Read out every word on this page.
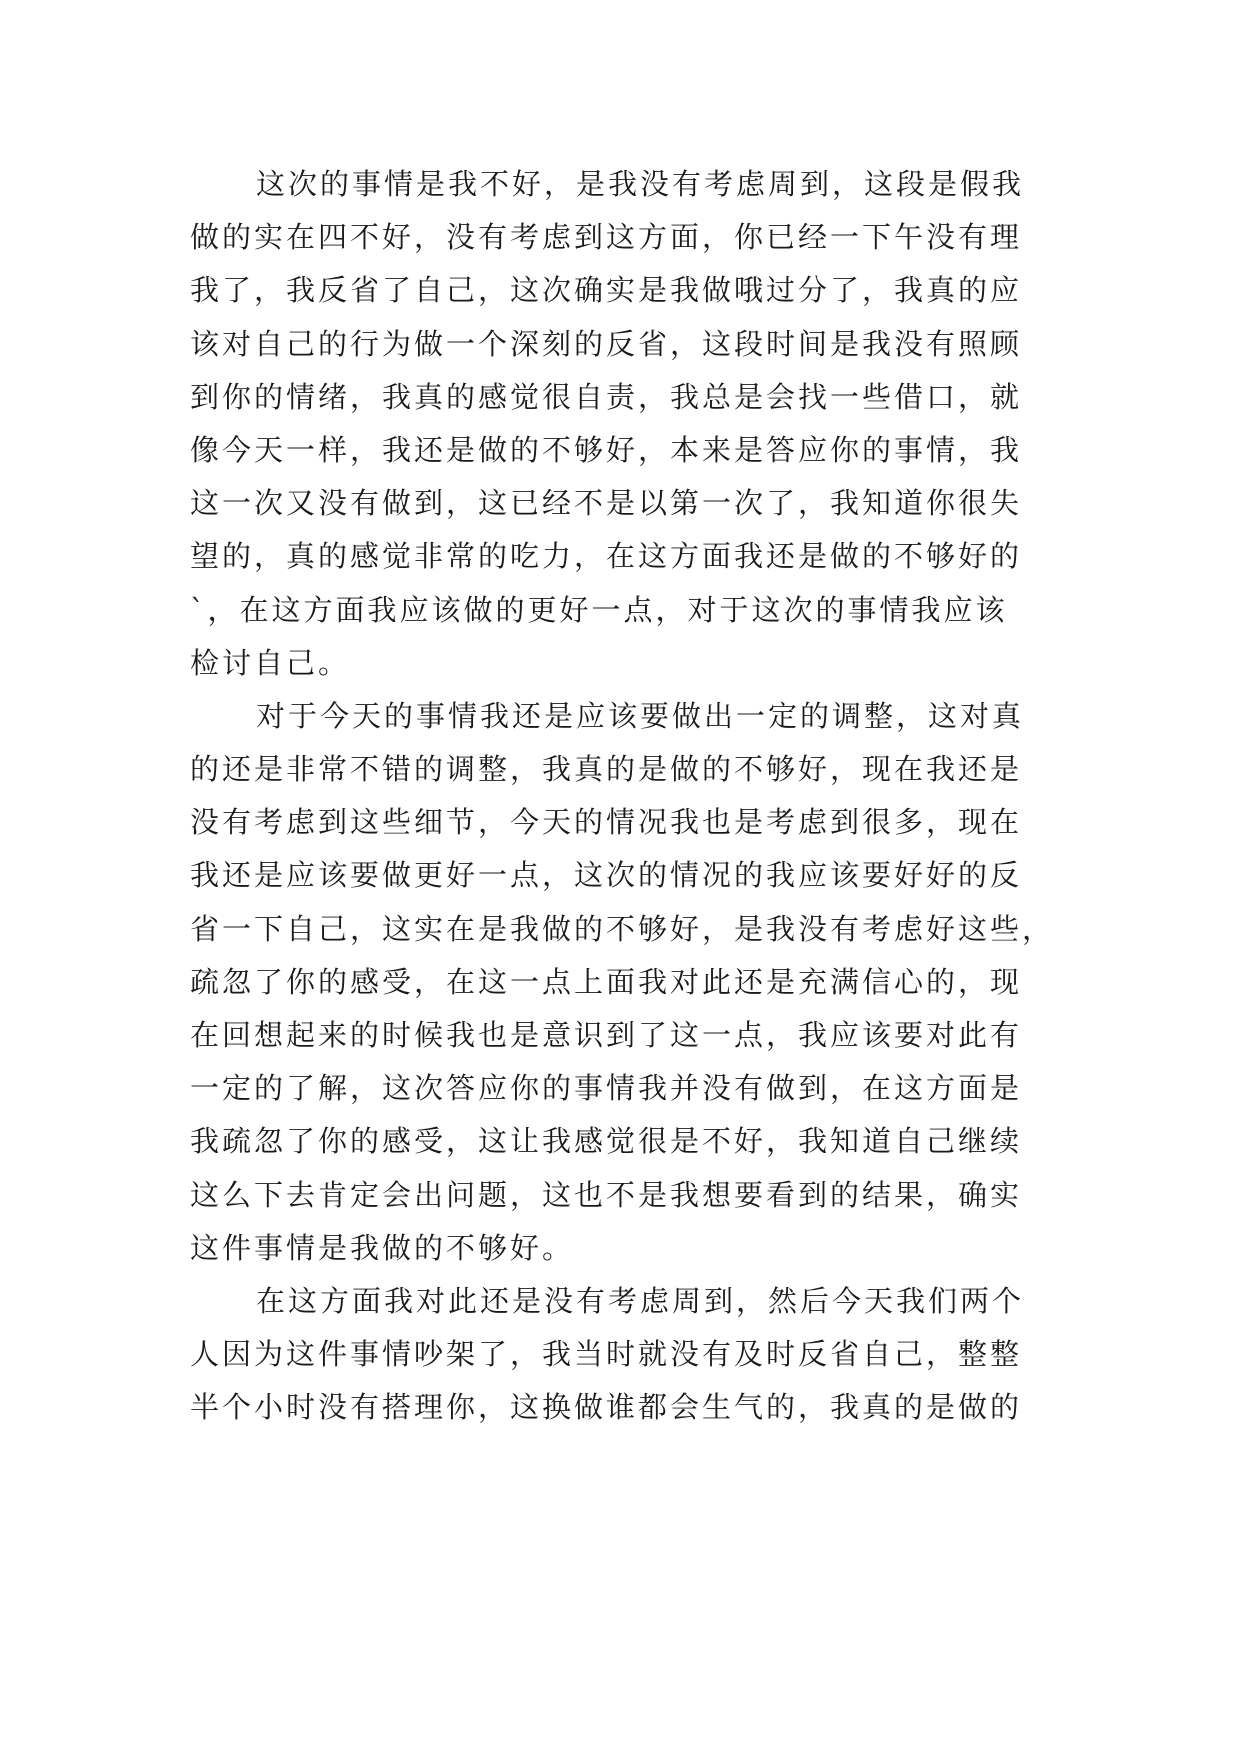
这次的事情是我不好，是我没有考虑周到，这段是假我
做的实在四不好，没有考虑到这方面，你已经一下午没有理
我了，我反省了自己，这次确实是我做哦过分了，我真的应
该对自己的行为做一个深刻的反省，这段时间是我没有照顾
到你的情绪，我真的感觉很自责，我总是会找一些借口，就
像今天一样，我还是做的不够好，本来是答应你的事情，我
这一次又没有做到，这已经不是以第一次了，我知道你很失
望的，真的感觉非常的吃力，在这方面我还是做的不够好的
`，在这方面我应该做的更好一点，对于这次的事情我应该
检讨自己。
对于今天的事情我还是应该要做出一定的调整，这对真
的还是非常不错的调整，我真的是做的不够好，现在我还是
没有考虑到这些细节，今天的情况我也是考虑到很多，现在
我还是应该要做更好一点，这次的情况的我应该要好好的反
省一下自己，这实在是我做的不够好，是我没有考虑好这些，
疏忽了你的感受，在这一点上面我对此还是充满信心的，现
在回想起来的时候我也是意识到了这一点，我应该要对此有
一定的了解，这次答应你的事情我并没有做到，在这方面是
我疏忽了你的感受，这让我感觉很是不好，我知道自己继续
这么下去肯定会出问题，这也不是我想要看到的结果，确实
这件事情是我做的不够好。
在这方面我对此还是没有考虑周到，然后今天我们两个
人因为这件事情吵架了，我当时就没有及时反省自己，整整
半个小时没有搭理你，这换做谁都会生气的，我真的是做的
